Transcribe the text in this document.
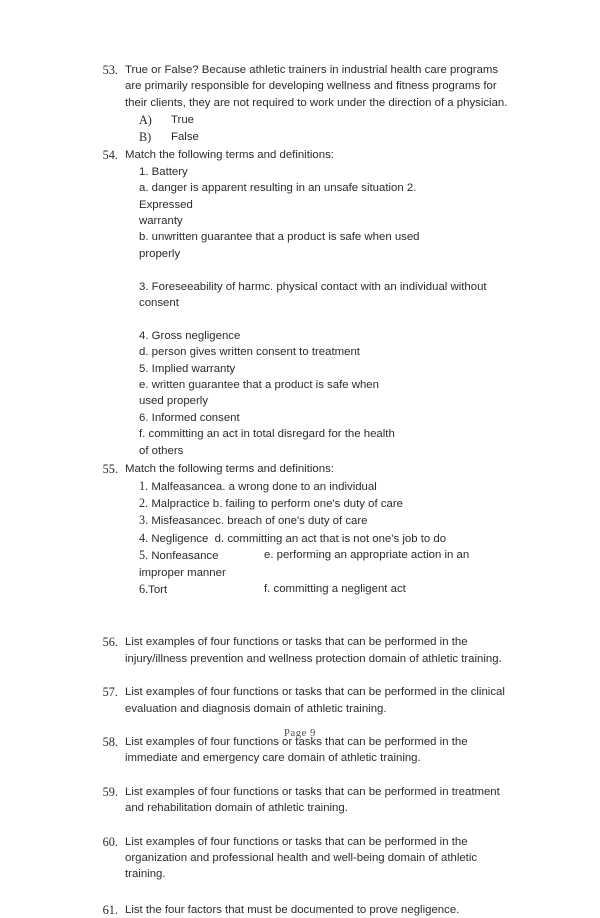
53. True or False? Because athletic trainers in industrial health care programs are primarily responsible for developing wellness and fitness programs for their clients, they are not required to work under the direction of a physician.

A) True
B) False
54. Match the following terms and definitions:

1. Batterya. danger is apparent resulting in an unsafe situation 2. Expressed
warrantyb. unwritten guarantee that a product is safe when used properly
3. Foreseeability of harmc. physical contact with an individual without consent
4. Gross negligenced. person gives written consent to treatment
5. Implied warrantye. written guarantee that a product is safe when used properly
6. Informed consentf. committing an act in total disregard for the health of others
55. Match the following terms and definitions:

1. Malfeasancea. a wrong done to an individual
2. Malpractice b. failing to perform one's duty of care
3. Misfeasancec. breach of one's duty of care
4. Negligence d. committing an act that is not one's job to do
5. Nonfeasance	e. performing an appropriate action in an improper manner
6.Tort	f. committing a negligent act
56. List examples of four functions or tasks that can be performed in the injury/illness prevention and wellness protection domain of athletic training.

57. List examples of four functions or tasks that can be performed in the clinical evaluation and diagnosis domain of athletic training.

58. List examples of four functions or tasks that can be performed in the immediate and emergency care domain of athletic training.

59. List examples of four functions or tasks that can be performed in treatment and rehabilitation domain of athletic training.

60. List examples of four functions or tasks that can be performed in the organization and professional health and well-being domain of athletic training.

61. List the four factors that must be documented to prove negligence.

Page 9
